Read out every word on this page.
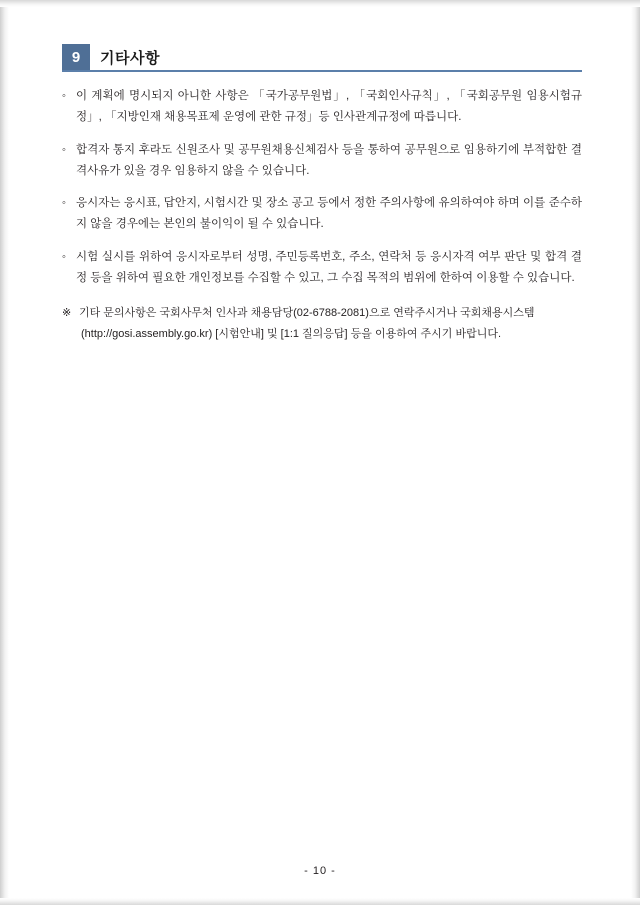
9	기타사항
◦ 이 계획에 명시되지 아니한 사항은 「국가공무원법」, 「국회인사규칙」, 「국회공무원 임용시험규정」, 「지방인재 채용목표제 운영에 관한 규정」등 인사관계규정에 따릅니다.
◦ 합격자 통지 후라도 신원조사 및 공무원채용신체검사 등을 통하여 공무원으로 임용하기에 부적합한 결격사유가 있을 경우 임용하지 않을 수 있습니다.
◦ 응시자는 응시표, 답안지, 시험시간 및 장소 공고 등에서 정한 주의사항에 유의하여야 하며 이를 준수하지 않을 경우에는 본인의 불이익이 될 수 있습니다.
◦ 시험 실시를 위하여 응시자로부터 성명, 주민등록번호, 주소, 연락처 등 응시자격 여부 판단 및 합격 결정 등을 위하여 필요한 개인정보를 수집할 수 있고, 그 수집 목적의 범위에 한하여 이용할 수 있습니다.
※ 기타 문의사항은 국회사무처 인사과 채용담당(02-6788-2081)으로 연락주시거나 국회채용시스템
(http://gosi.assembly.go.kr) [시험안내] 및 [1:1 질의응답] 등을 이용하여 주시기 바랍니다.
- 10 -
